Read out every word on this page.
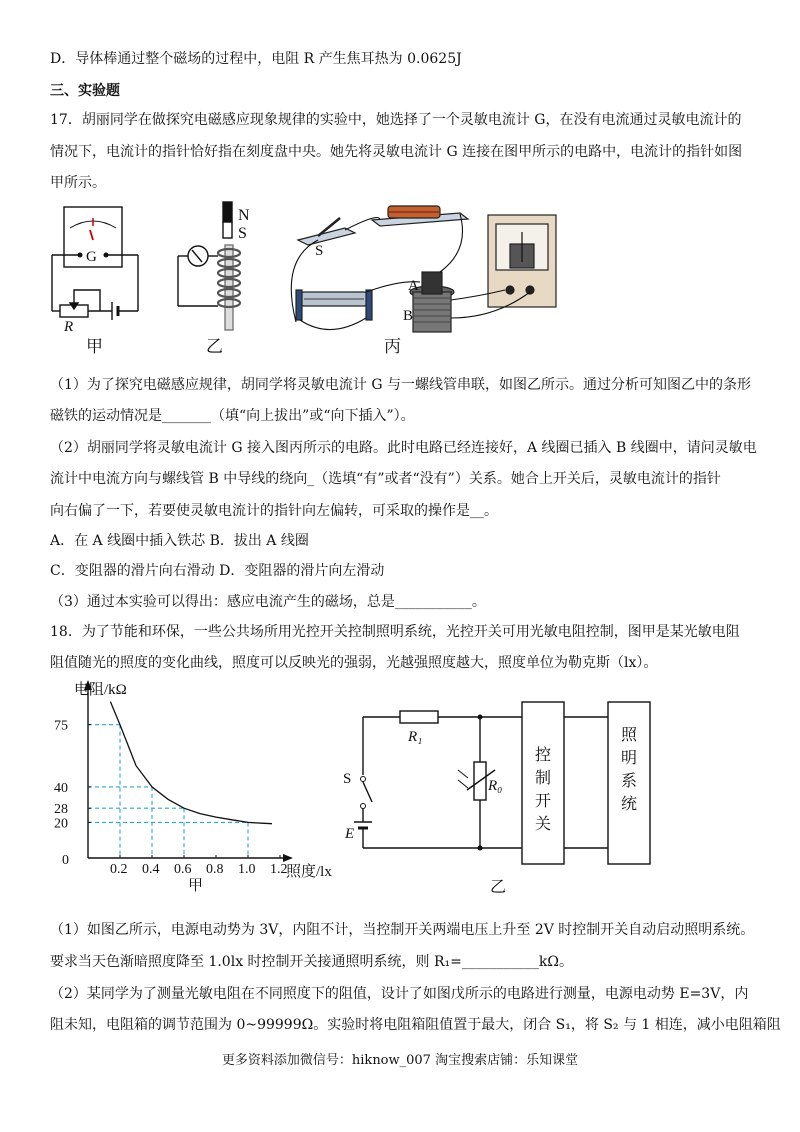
D．导体棒通过整个磁场的过程中，电阻 R 产生焦耳热为 0.0625J
三、实验题
17．胡丽同学在做探究电磁感应现象规律的实验中，她选择了一个灵敏电流计 G，在没有电流通过灵敏电流计的
情况下，电流计的指针恰好指在刻度盘中央。她先将灵敏电流计 G 连接在图甲所示的电路中，电流计的指针如图
甲所示。
G
R
甲
N
S
乙
S
A
B
丙
（1）为了探究电磁感应规律，胡同学将灵敏电流计 G 与一螺线管串联，如图乙所示。通过分析可知图乙中的条形
磁铁的运动情况是_______（填“向上拔出”或“向下插入”）。
（2）胡丽同学将灵敏电流计 G 接入图丙所示的电路。此时电路已经连接好，A 线圈已插入 B 线圈中，请问灵敏电
流计中电流方向与螺线管 B 中导线的绕向_（选填“有”或者“没有”）关系。她合上开关后，灵敏电流计的指针
向右偏了一下，若要使灵敏电流计的指针向左偏转，可采取的操作是__。
A．在 A 线圈中插入铁芯 B．拔出 A 线圈
C．变阻器的滑片向右滑动 D．变阻器的滑片向左滑动
（3）通过本实验可以得出：感应电流产生的磁场，总是___________。
18．为了节能和环保，一些公共场所用光控开关控制照明系统，光控开关可用光敏电阻控制，图甲是某光敏电阻
阻值随光的照度的变化曲线，照度可以反映光的强弱，光越强照度越大，照度单位为勒克斯（lx）。
电阻/kΩ
照度/lx
0
甲
0.2 0.4 0.6 0.8 1.0 1.2
20
28
40
75
R₁
R₀
S
E
控制开关
照明系统
乙
（1）如图乙所示，电源电动势为 3V，内阻不计，当控制开关两端电压上升至 2V 时控制开关自动启动照明系统。
要求当天色渐暗照度降至 1.0lx 时控制开关接通照明系统，则 R₁=___________kΩ。
（2）某同学为了测量光敏电阻在不同照度下的阻值，设计了如图戊所示的电路进行测量，电源电动势 E=3V，内
阻未知，电阻箱的调节范围为 0~99999Ω。实验时将电阻箱阻值置于最大，闭合 S₁，将 S₂ 与 1 相连，减小电阻箱阻
更多资料添加微信号：hiknow_007 淘宝搜索店铺：乐知课堂
